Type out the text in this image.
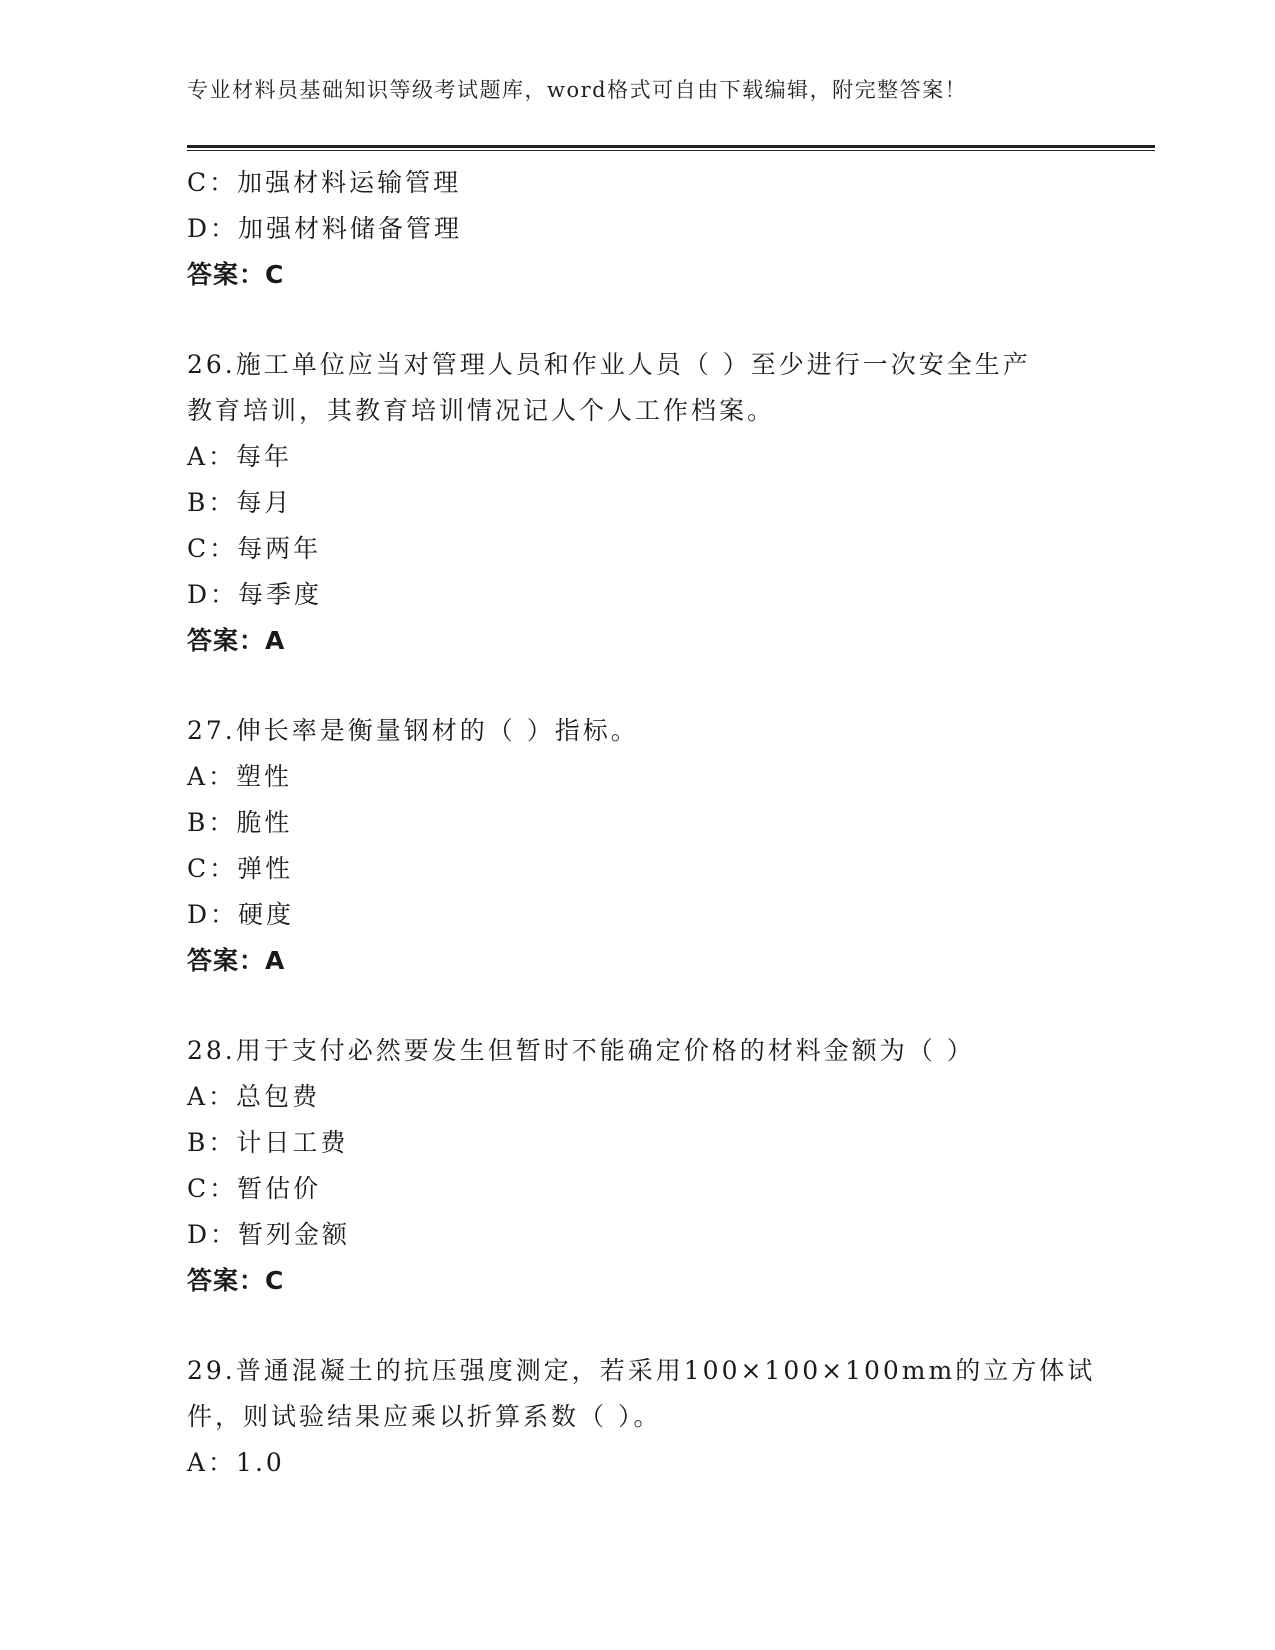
专业材料员基础知识等级考试题库，word格式可自由下载编辑，附完整答案！
C：加强材料运输管理
D：加强材料储备管理
答案：C
26.施工单位应当对管理人员和作业人员（ ）至少进行一次安全生产
教育培训，其教育培训情况记人个人工作档案。
A：每年
B：每月
C：每两年
D：每季度
答案：A
27.伸长率是衡量钢材的（ ）指标。
A：塑性
B：脆性
C：弹性
D：硬度
答案：A
28.用于支付必然要发生但暂时不能确定价格的材料金额为（ ）
A：总包费
B：计日工费
C：暂估价
D：暂列金额
答案：C
29.普通混凝土的抗压强度测定，若采用100×100×100mm的立方体试
件，则试验结果应乘以折算系数（ ）。
A：1.0
